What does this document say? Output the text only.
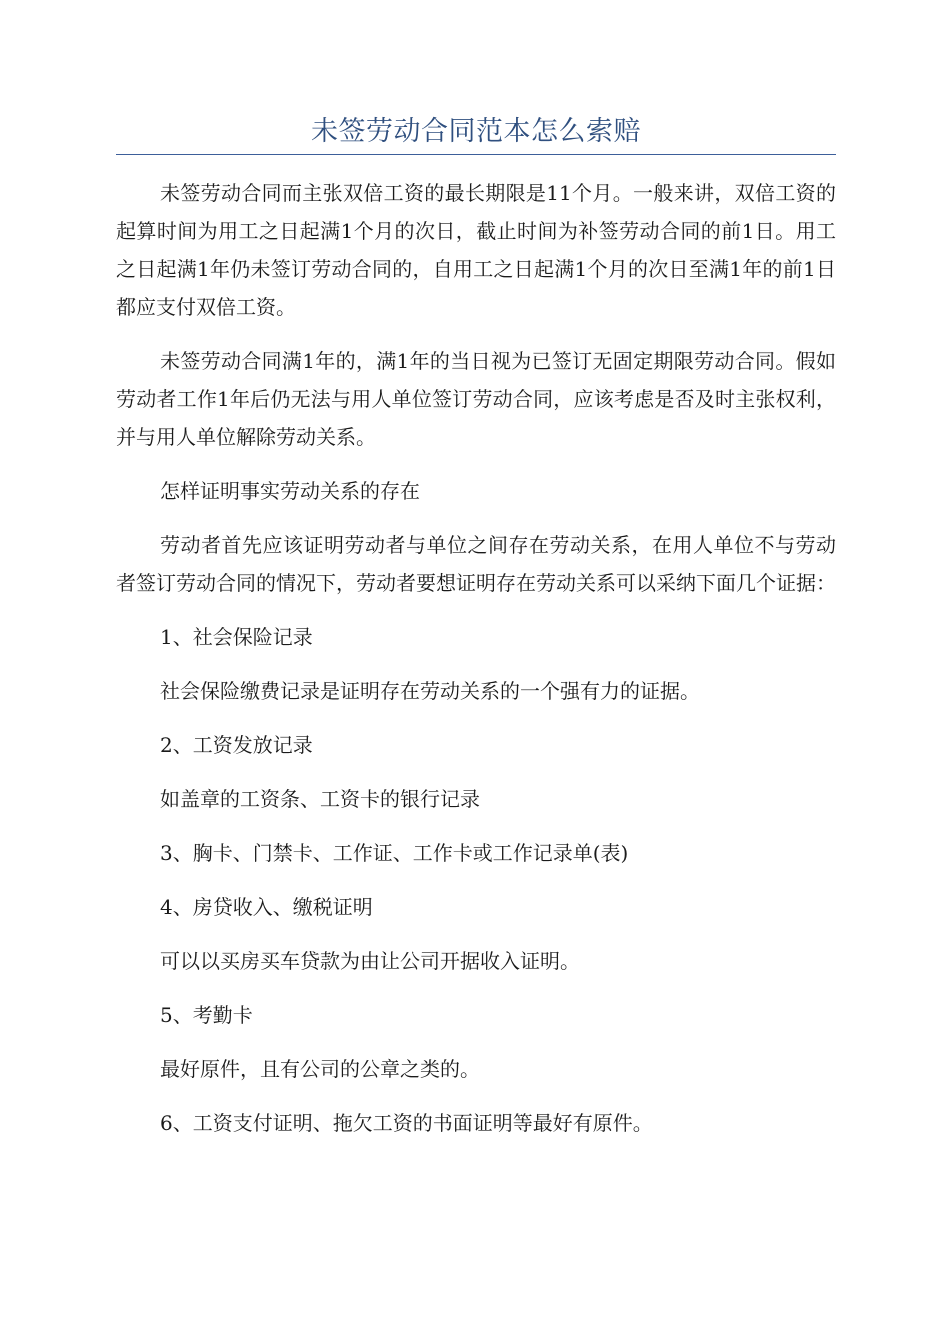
未签劳动合同范本怎么索赔

未签劳动合同而主张双倍工资的最长期限是11个月。一般来讲，双倍工资的起算时间为用工之日起满1个月的次日，截止时间为补签劳动合同的前1日。用工之日起满1年仍未签订劳动合同的，自用工之日起满1个月的次日至满1年的前1日都应支付双倍工资。

未签劳动合同满1年的，满1年的当日视为已签订无固定期限劳动合同。假如劳动者工作1年后仍无法与用人单位签订劳动合同，应该考虑是否及时主张权利，并与用人单位解除劳动关系。

怎样证明事实劳动关系的存在

劳动者首先应该证明劳动者与单位之间存在劳动关系，在用人单位不与劳动者签订劳动合同的情况下，劳动者要想证明存在劳动关系可以采纳下面几个证据：

1、社会保险记录

社会保险缴费记录是证明存在劳动关系的一个强有力的证据。

2、工资发放记录

如盖章的工资条、工资卡的银行记录

3、胸卡、门禁卡、工作证、工作卡或工作记录单(表)

4、房贷收入、缴税证明

可以以买房买车贷款为由让公司开据收入证明。

5、考勤卡

最好原件，且有公司的公章之类的。

6、工资支付证明、拖欠工资的书面证明等最好有原件。
